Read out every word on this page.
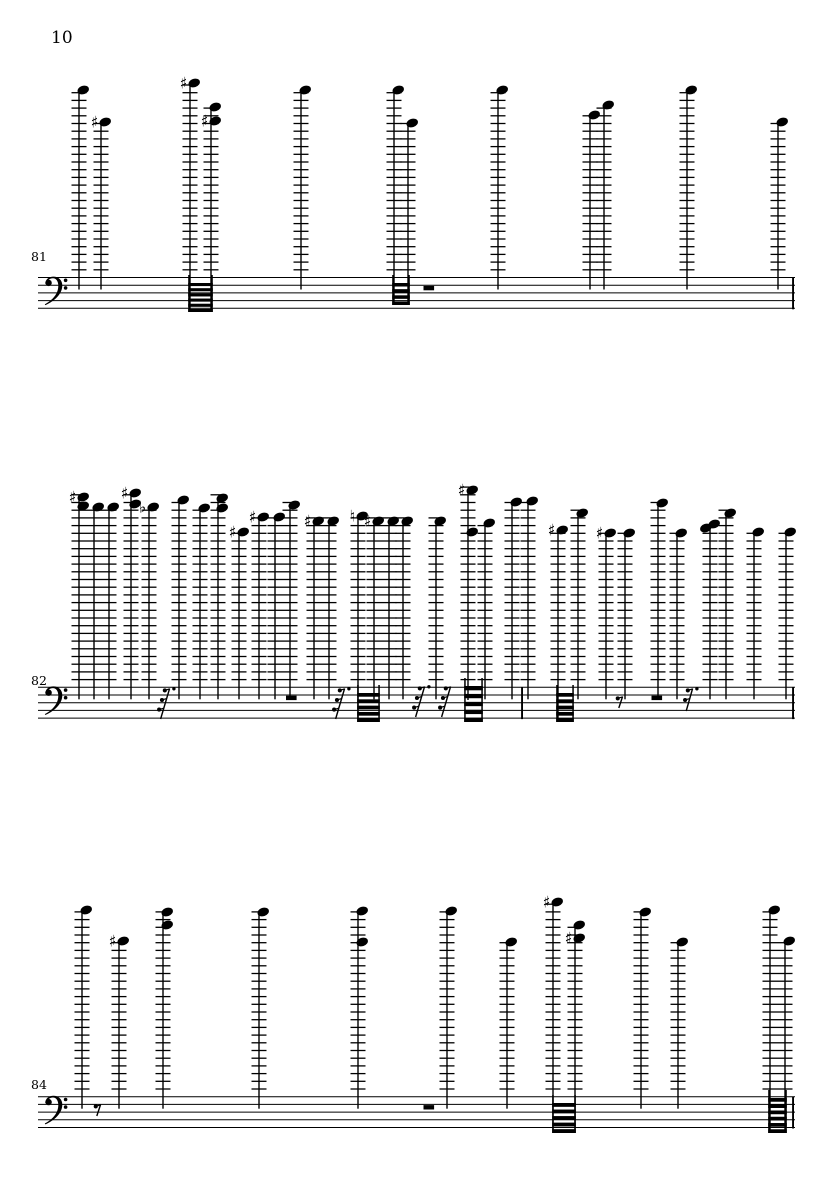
10
81
82
84
♯
♯
♯
♯	♯
♭
♯
♯	♯ ♮ ♯
♯
♯	♯
♯
♯
♯
